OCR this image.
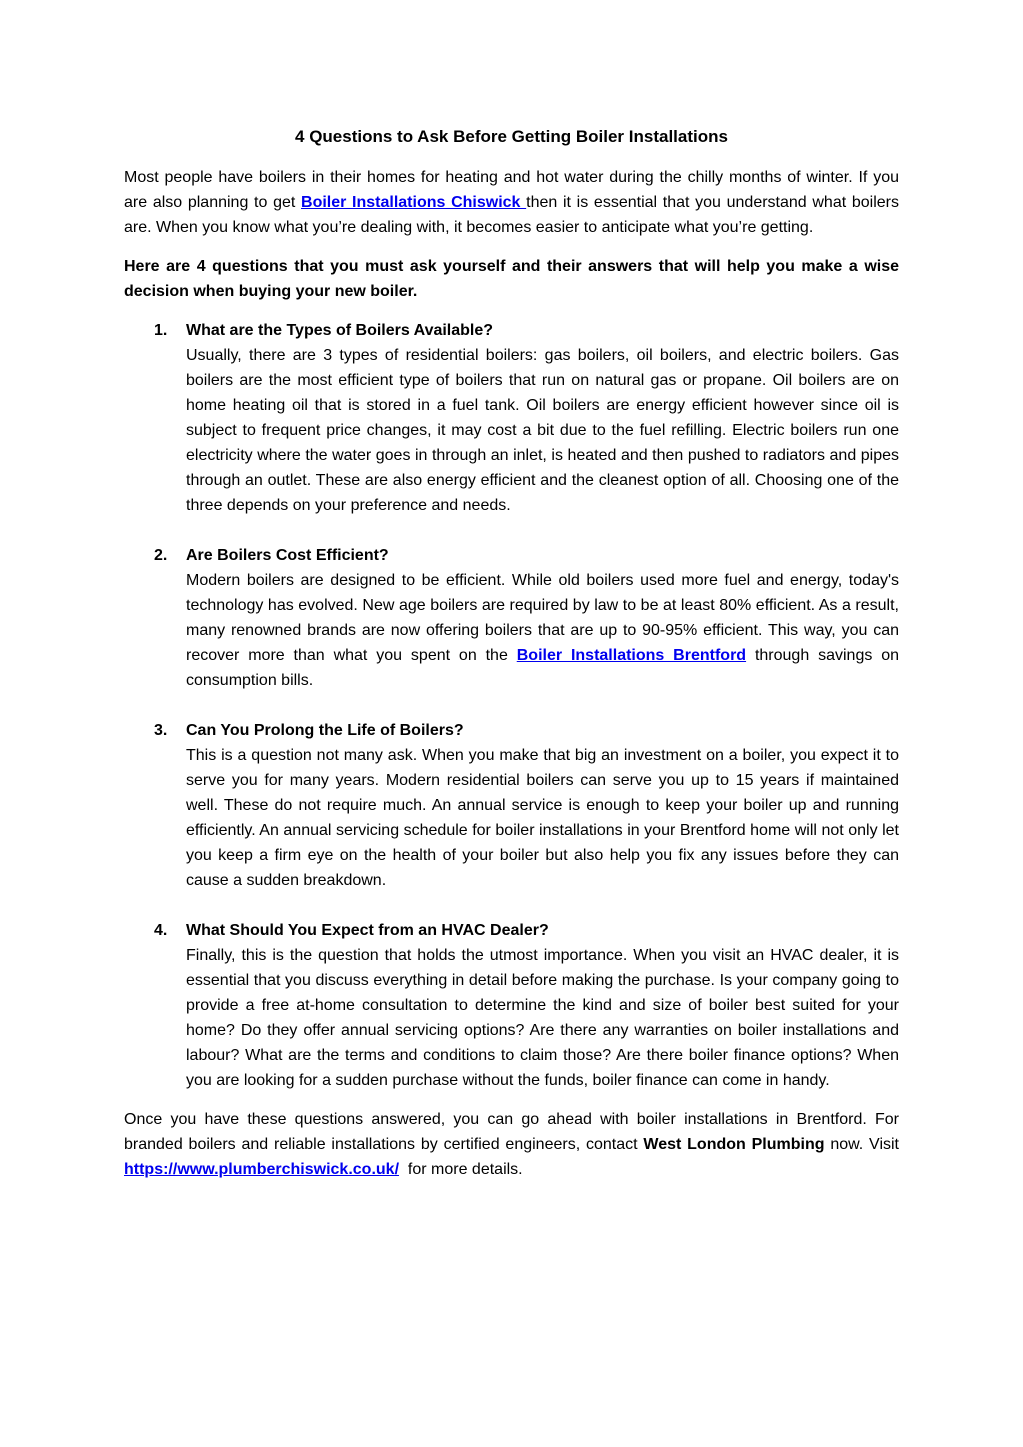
4 Questions to Ask Before Getting Boiler Installations

Most people have boilers in their homes for heating and hot water during the chilly months of winter. If you are also planning to get Boiler Installations Chiswick then it is essential that you understand what boilers are. When you know what you’re dealing with, it becomes easier to anticipate what you’re getting.

Here are 4 questions that you must ask yourself and their answers that will help you make a wise decision when buying your new boiler.

1. What are the Types of Boilers Available?
Usually, there are 3 types of residential boilers: gas boilers, oil boilers, and electric boilers. Gas boilers are the most efficient type of boilers that run on natural gas or propane. Oil boilers are on home heating oil that is stored in a fuel tank. Oil boilers are energy efficient however since oil is subject to frequent price changes, it may cost a bit due to the fuel refilling. Electric boilers run one electricity where the water goes in through an inlet, is heated and then pushed to radiators and pipes through an outlet. These are also energy efficient and the cleanest option of all. Choosing one of the three depends on your preference and needs.
2. Are Boilers Cost Efficient?
Modern boilers are designed to be efficient. While old boilers used more fuel and energy, today's technology has evolved. New age boilers are required by law to be at least 80% efficient. As a result, many renowned brands are now offering boilers that are up to 90-95% efficient. This way, you can recover more than what you spent on the Boiler Installations Brentford through savings on consumption bills.
3. Can You Prolong the Life of Boilers?
This is a question not many ask. When you make that big an investment on a boiler, you expect it to serve you for many years. Modern residential boilers can serve you up to 15 years if maintained well. These do not require much. An annual service is enough to keep your boiler up and running efficiently. An annual servicing schedule for boiler installations in your Brentford home will not only let you keep a firm eye on the health of your boiler but also help you fix any issues before they can cause a sudden breakdown.
4. What Should You Expect from an HVAC Dealer?
Finally, this is the question that holds the utmost importance. When you visit an HVAC dealer, it is essential that you discuss everything in detail before making the purchase. Is your company going to provide a free at-home consultation to determine the kind and size of boiler best suited for your home? Do they offer annual servicing options? Are there any warranties on boiler installations and labour? What are the terms and conditions to claim those? Are there boiler finance options? When you are looking for a sudden purchase without the funds, boiler finance can come in handy.

Once you have these questions answered, you can go ahead with boiler installations in Brentford. For branded boilers and reliable installations by certified engineers, contact West London Plumbing now. Visit https://www.plumberchiswick.co.uk/  for more details.
